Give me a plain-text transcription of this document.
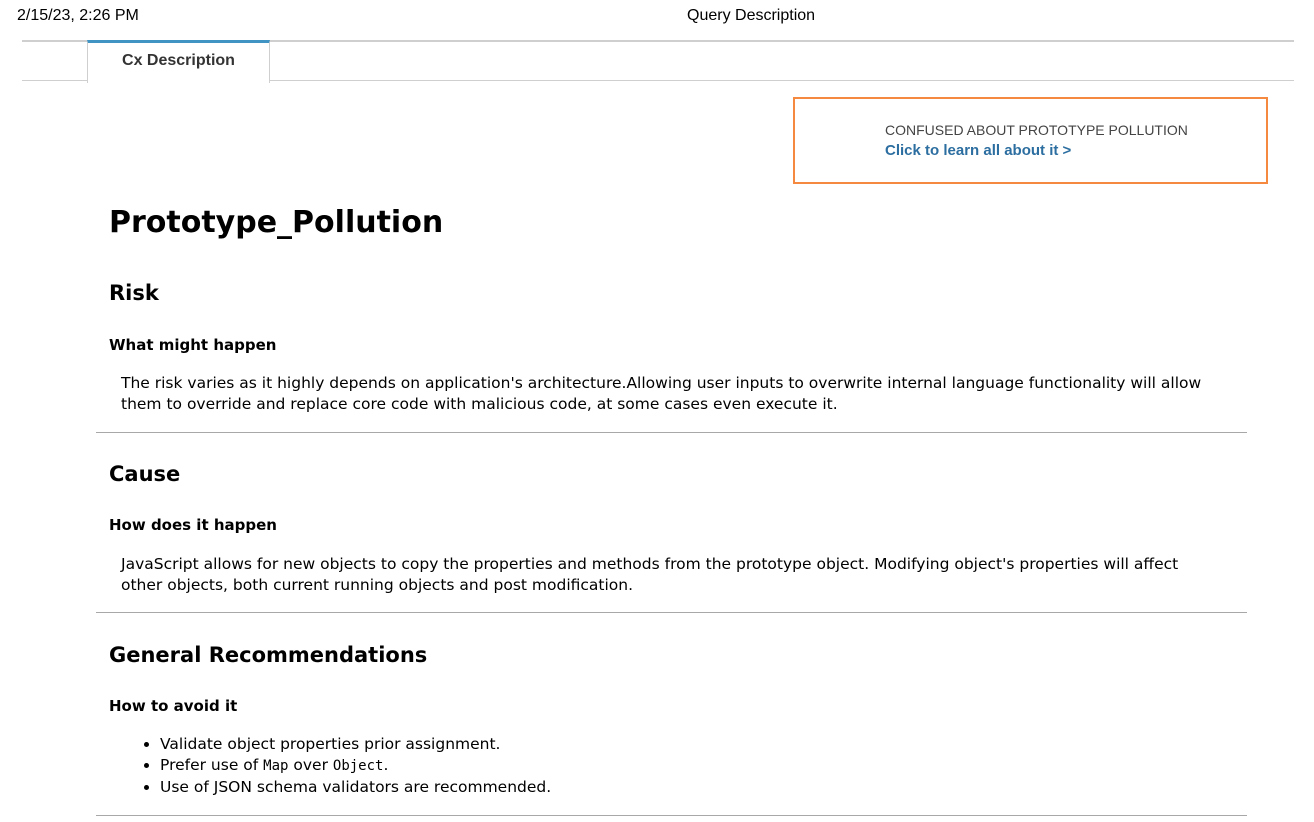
2/15/23, 2:26 PM	Query Description
Cx Description
CONFUSED ABOUT PROTOTYPE POLLUTION
Click to learn all about it >
Prototype_Pollution
Risk
What might happen

The risk varies as it highly depends on application's architecture.Allowing user inputs to overwrite internal language functionality will allow them to override and replace core code with malicious code, at some cases even execute it.

Cause
How does it happen

JavaScript allows for new objects to copy the properties and methods from the prototype object. Modifying object's properties will affect other objects, both current running objects and post modification.

General Recommendations
How to avoid it
• Validate object properties prior assignment.
• Prefer use of Map over Object.
• Use of JSON schema validators are recommended.
